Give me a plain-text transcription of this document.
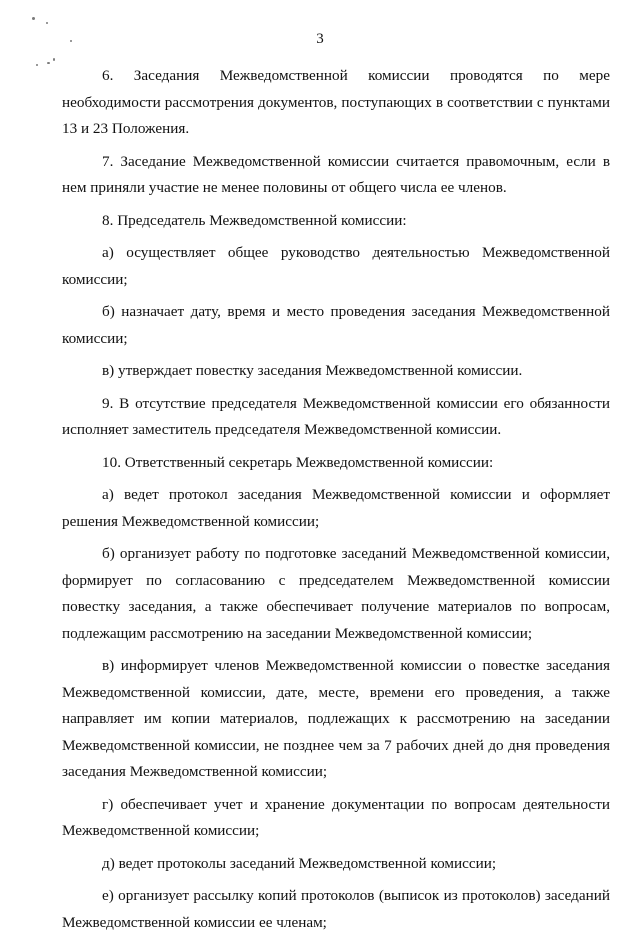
3

6. Заседания Межведомственной комиссии проводятся по мере необходимости рассмотрения документов, поступающих в соответствии с пунктами 13 и 23 Положения.

7. Заседание Межведомственной комиссии считается правомочным, если в нем приняли участие не менее половины от общего числа ее членов.

8. Председатель Межведомственной комиссии:

а) осуществляет общее руководство деятельностью Межведомственной комиссии;

б) назначает дату, время и место проведения заседания Межведомственной комиссии;

в) утверждает повестку заседания Межведомственной комиссии.

9. В отсутствие председателя Межведомственной комиссии его обязанности исполняет заместитель председателя Межведомственной комиссии.

10. Ответственный секретарь Межведомственной комиссии:

а) ведет протокол заседания Межведомственной комиссии и оформляет решения Межведомственной комиссии;

б) организует работу по подготовке заседаний Межведомственной комиссии, формирует по согласованию с председателем Межведомственной комиссии повестку заседания, а также обеспечивает получение материалов по вопросам, подлежащим рассмотрению на заседании Межведомственной комиссии;

в) информирует членов Межведомственной комиссии о повестке заседания Межведомственной комиссии, дате, месте, времени его проведения, а также направляет им копии материалов, подлежащих к рассмотрению на заседании Межведомственной комиссии, не позднее чем за 7 рабочих дней до дня проведения заседания Межведомственной комиссии;

г) обеспечивает учет и хранение документации по вопросам деятельности Межведомственной комиссии;

д) ведет протоколы заседаний Межведомственной комиссии;

е) организует рассылку копий протоколов (выписок из протоколов) заседаний Межведомственной комиссии ее членам;
